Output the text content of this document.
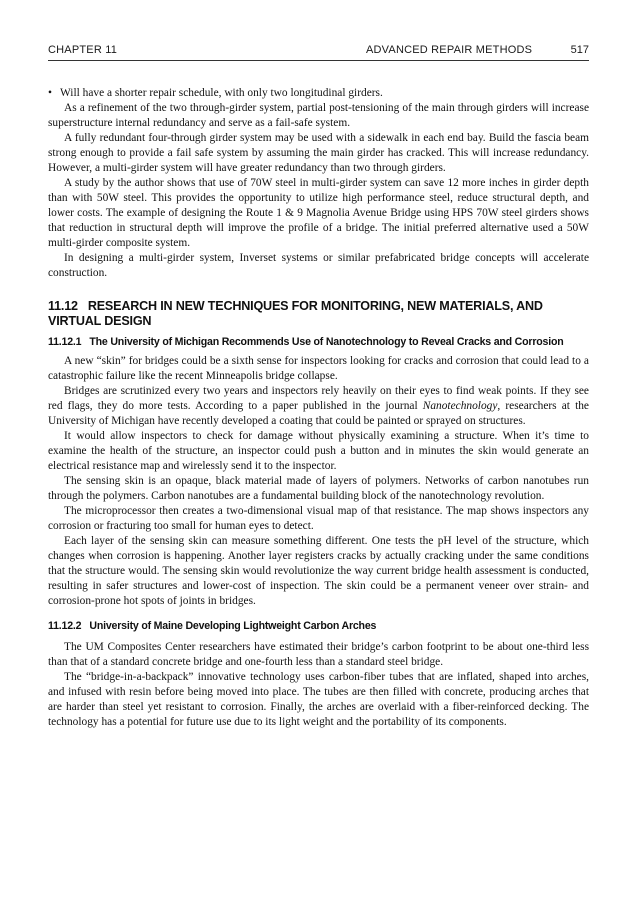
CHAPTER 11	ADVANCED REPAIR METHODS	517

• Will have a shorter repair schedule, with only two longitudinal girders.

As a refinement of the two through-girder system, partial post-tensioning of the main through girders will increase superstructure internal redundancy and serve as a fail-safe system.

A fully redundant four-through girder system may be used with a sidewalk in each end bay. Build the fascia beam strong enough to provide a fail safe system by assuming the main girder has cracked. This will increase redundancy. However, a multi-girder system will have greater redundancy than two through girders.

A study by the author shows that use of 70W steel in multi-girder system can save 12 more inches in girder depth than with 50W steel. This provides the opportunity to utilize high performance steel, reduce structural depth, and lower costs. The example of designing the Route 1 & 9 Magnolia Avenue Bridge using HPS 70W steel girders shows that reduction in structural depth will improve the profile of a bridge. The initial preferred alternative used a 50W multi-girder composite system.

In designing a multi-girder system, Inverset systems or similar prefabricated bridge concepts will accelerate construction.

11.12 RESEARCH IN NEW TECHNIQUES FOR MONITORING, NEW MATERIALS, AND VIRTUAL DESIGN
11.12.1 The University of Michigan Recommends Use of Nanotechnology to Reveal Cracks and Corrosion

A new “skin” for bridges could be a sixth sense for inspectors looking for cracks and corrosion that could lead to a catastrophic failure like the recent Minneapolis bridge collapse.

Bridges are scrutinized every two years and inspectors rely heavily on their eyes to find weak points. If they see red flags, they do more tests. According to a paper published in the journal Nanotechnology, researchers at the University of Michigan have recently developed a coating that could be painted or sprayed on structures.

It would allow inspectors to check for damage without physically examining a structure. When it’s time to examine the health of the structure, an inspector could push a button and in minutes the skin would generate an electrical resistance map and wirelessly send it to the inspector.

The sensing skin is an opaque, black material made of layers of polymers. Networks of carbon nanotubes run through the polymers. Carbon nanotubes are a fundamental building block of the nanotechnology revolution.

The microprocessor then creates a two-dimensional visual map of that resistance. The map shows inspectors any corrosion or fracturing too small for human eyes to detect.

Each layer of the sensing skin can measure something different. One tests the pH level of the structure, which changes when corrosion is happening. Another layer registers cracks by actually cracking under the same conditions that the structure would. The sensing skin would revolutionize the way current bridge health assessment is conducted, resulting in safer structures and lower-cost of inspection. The skin could be a permanent veneer over strain- and corrosion-prone hot spots of joints in bridges.

11.12.2 University of Maine Developing Lightweight Carbon Arches

The UM Composites Center researchers have estimated their bridge’s carbon footprint to be about one-third less than that of a standard concrete bridge and one-fourth less than a standard steel bridge.

The “bridge-in-a-backpack” innovative technology uses carbon-fiber tubes that are inflated, shaped into arches, and infused with resin before being moved into place. The tubes are then filled with concrete, producing arches that are harder than steel yet resistant to corrosion. Finally, the arches are overlaid with a fiber-reinforced decking. The technology has a potential for future use due to its light weight and the portability of its components.
